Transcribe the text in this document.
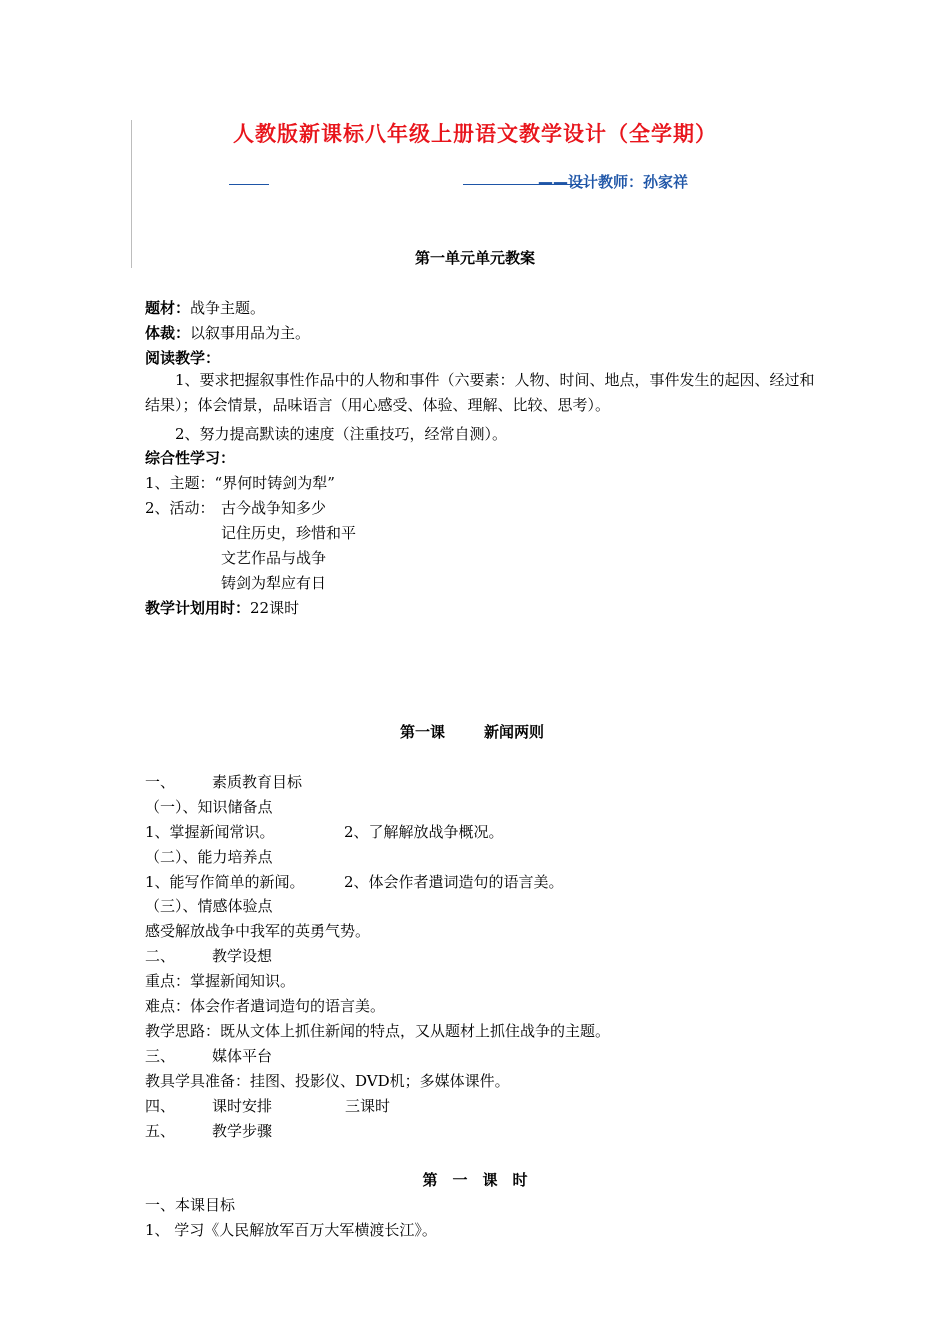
人教版新课标八年级上册语文教学设计（全学期）
——设计教师：孙家祥
第一单元单元教案
题材：战争主题。
体裁：以叙事用品为主。
阅读教学：
1、要求把握叙事性作品中的人物和事件（六要素：人物、时间、地点，事件发生的起因、经过和结果）；体会情景，品味语言（用心感受、体验、理解、比较、思考）。
2、努力提高默读的速度（注重技巧，经常自测）。
综合性学习：
1、主题：“界何时铸剑为犁”
2、活动： 古今战争知多少
记住历史，珍惜和平
文艺作品与战争
铸剑为犁应有日
教学计划用时：22课时
第一课	新闻两则
一、 素质教育目标
（一）、知识储备点
1、掌握新闻常识。	2、了解解放战争概况。
（二）、能力培养点
1、能写作简单的新闻。	2、体会作者遣词造句的语言美。
（三）、情感体验点
感受解放战争中我军的英勇气势。
二、 教学设想
重点：掌握新闻知识。
难点：体会作者遣词造句的语言美。
教学思路：既从文体上抓住新闻的特点，又从题材上抓住战争的主题。
三、 媒体平台
教具学具准备：挂图、投影仪、DVD机；多媒体课件。
四、 课时安排	三课时
五、 教学步骤
第　一　课　时
一、本课目标
1、 学习《人民解放军百万大军横渡长江》。
